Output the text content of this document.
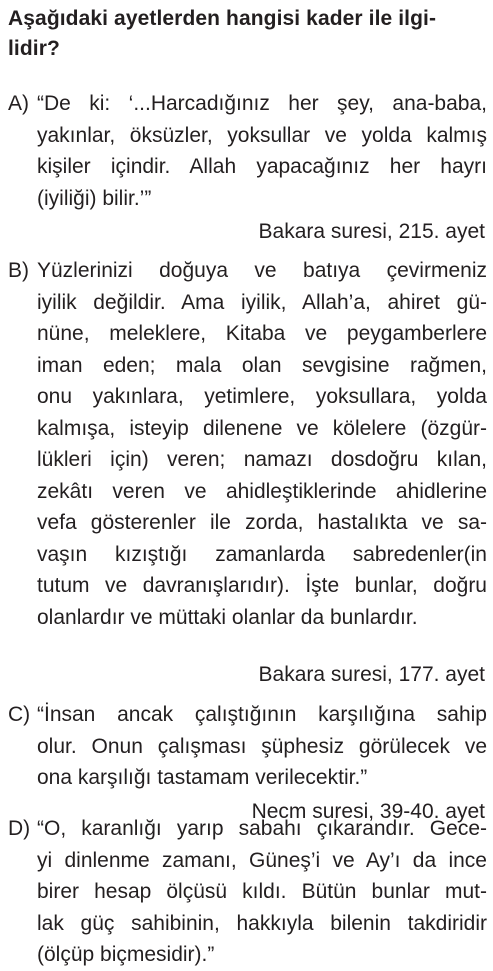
Aşağıdaki ayetlerden hangisi kader ile ilgi-
lidir?
A) “De ki: ‘...Harcadığınız her şey, ana-baba,
yakınlar, öksüzler, yoksullar ve yolda kalmış
kişiler içindir. Allah yapacağınız her hayrı
(iyiliği) bilir.’”
Bakara suresi, 215. ayet
B) Yüzlerinizi doğuya ve batıya çevirmeniz
iyilik değildir. Ama iyilik, Allah’a, ahiret gü-
nüne, meleklere, Kitaba ve peygamberlere
iman eden; mala olan sevgisine rağmen,
onu yakınlara, yetimlere, yoksullara, yolda
kalmışa, isteyip dilenene ve kölelere (özgür-
lükleri için) veren; namazı dosdoğru kılan,
zekâtı veren ve ahidleştiklerinde ahidlerine
vefa gösterenler ile zorda, hastalıkta ve sa-
vaşın kızıştığı zamanlarda sabredenler(in
tutum ve davranışlarıdır). İşte bunlar, doğru
olanlardır ve müttaki olanlar da bunlardır.
Bakara suresi, 177. ayet
C) “İnsan ancak çalıştığının karşılığına sahip
olur. Onun çalışması şüphesiz görülecek ve
ona karşılığı tastamam verilecektir.”
Necm suresi, 39-40. ayet
D) “O, karanlığı yarıp sabahı çıkarandır. Gece-
yi dinlenme zamanı, Güneş’i ve Ay’ı da ince
birer hesap ölçüsü kıldı. Bütün bunlar mut-
lak güç sahibinin, hakkıyla bilenin takdiridir
(ölçüp biçmesidir).”
